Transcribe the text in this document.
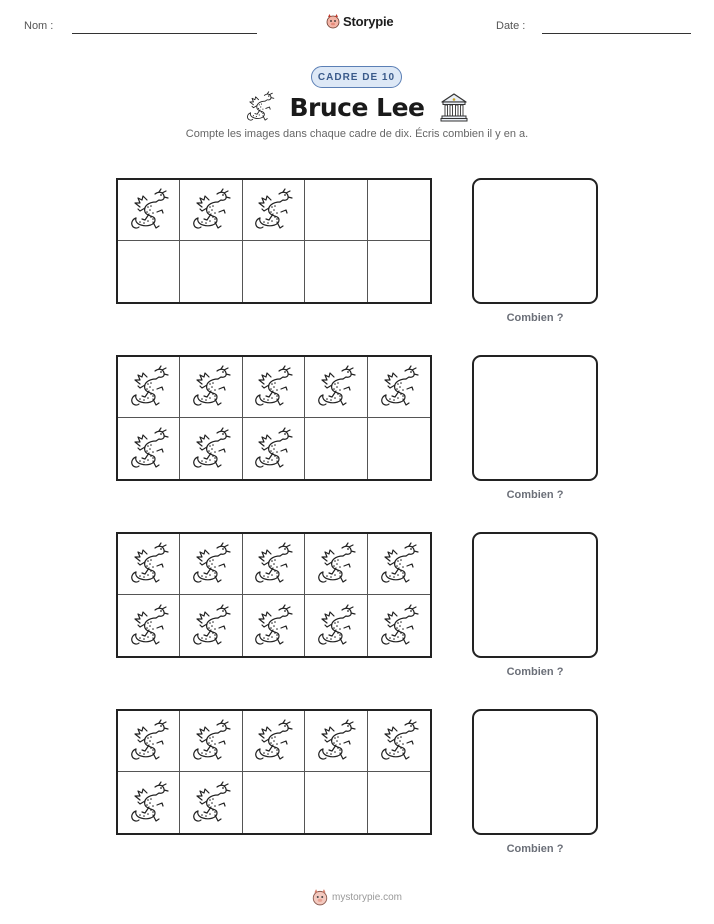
Nom :	Storypie	Date :
CADRE DE 10
Bruce Lee
Compte les images dans chaque cadre de dix. Écris combien il y en a.
Combien ?
Combien ?
Combien ?
Combien ?
mystorypie.com
